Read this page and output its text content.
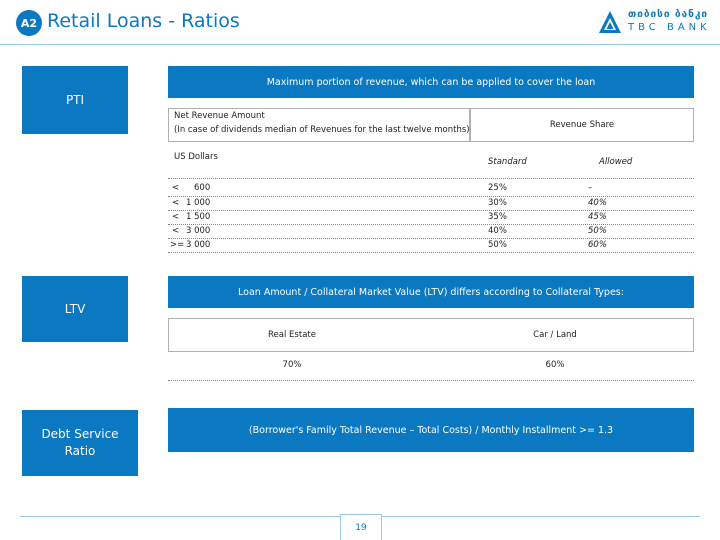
A2 Retail Loans - Ratios	თიბისი ბანკი
TBC BANK
PTI
Maximum portion of revenue, which can be applied to cover the loan
Net Revenue Amount
(In case of dividends median of Revenues for the last twelve months)	Revenue Share
US Dollars	Standard	Allowed
< 600	25%	–
< 1 000	30%	40%
< 1 500	35%	45%
< 3 000	40%	50%
>= 3 000	50%	60%
LTV
Loan Amount / Collateral Market Value (LTV) differs according to Collateral Types:
Real Estate	Car / Land
70%	60%
Debt Service
Ratio
(Borrower's Family Total Revenue – Total Costs) / Monthly Installment >= 1.3
19
